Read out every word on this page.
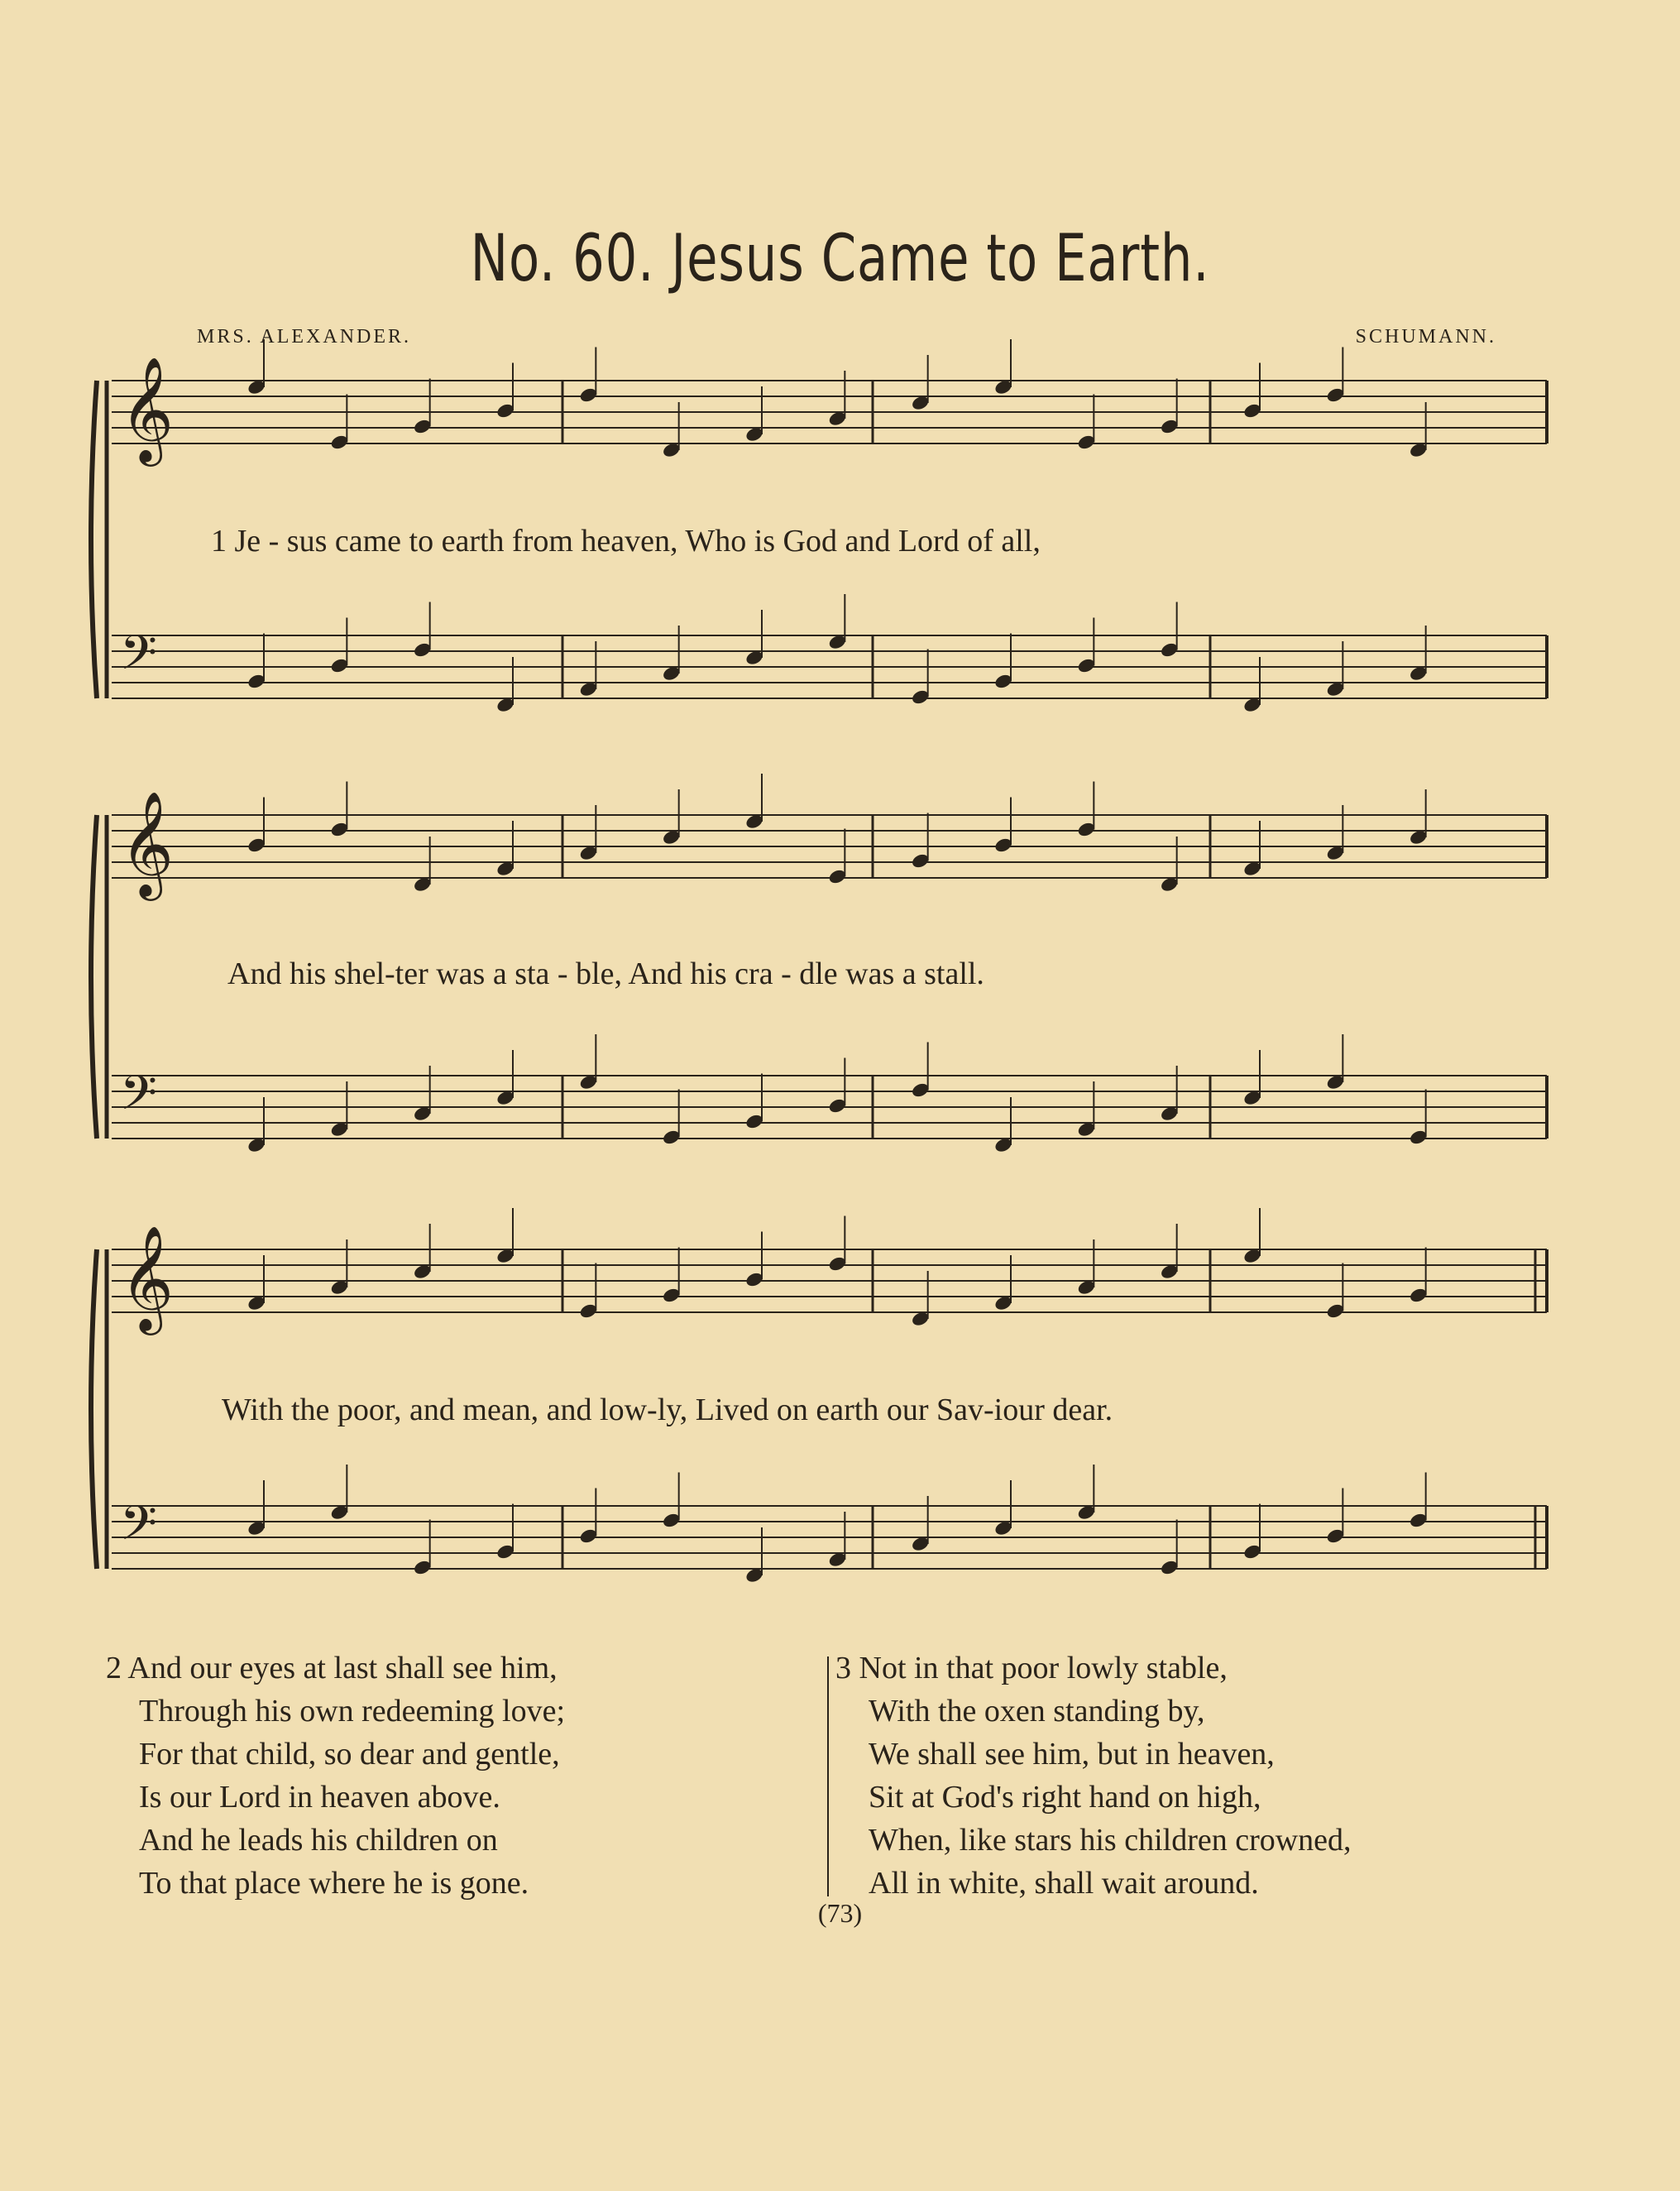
No. 60. Jesus Came to Earth.
MRS. ALEXANDER.	SCHUMANN.
𝄞
𝄢
𝄞
𝄢
𝄞
𝄢
1 Je - sus came to earth from heaven, Who is God and Lord of all,
And his shel-ter was a sta - ble, And his cra - dle was a stall.
With the poor, and mean, and low-ly, Lived on earth our Sav-iour dear.
2 And our eyes at last shall see him,
Through his own redeeming love;
For that child, so dear and gentle,
Is our Lord in heaven above.
And he leads his children on
To that place where he is gone.
3 Not in that poor lowly stable,
With the oxen standing by,
We shall see him, but in heaven,
Sit at God's right hand on high,
When, like stars his children crowned,
All in white, shall wait around.
(73)
